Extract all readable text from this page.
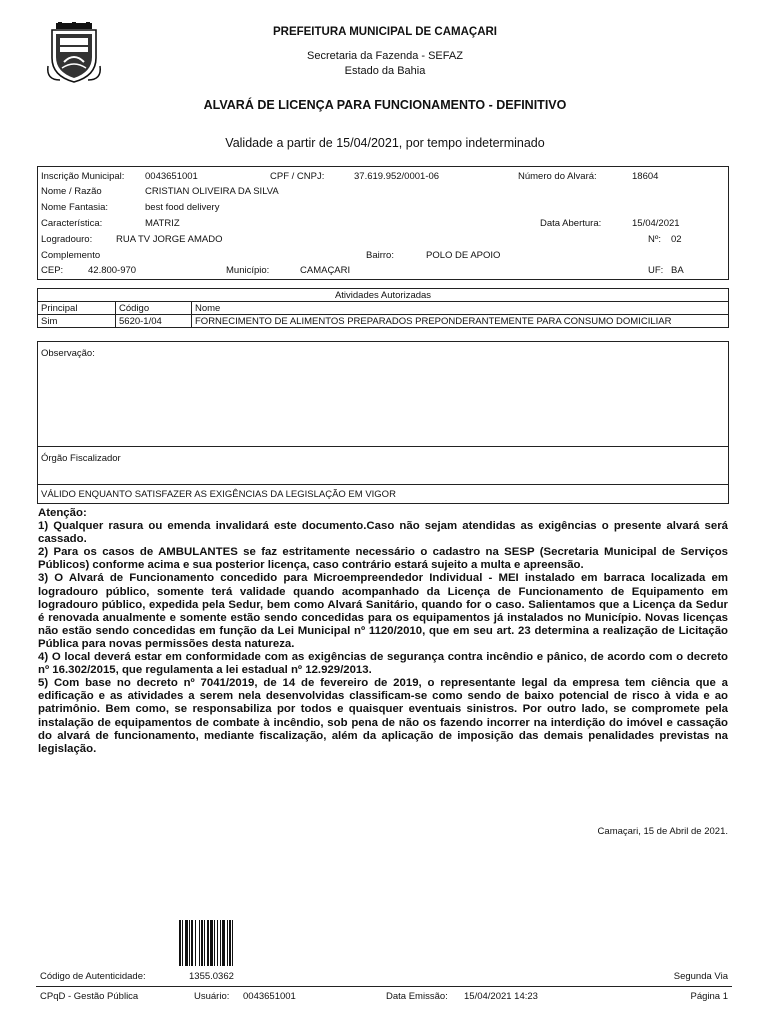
PREFEITURA MUNICIPAL DE CAMAÇARI
Secretaria da Fazenda - SEFAZ
Estado da Bahia
ALVARÁ DE LICENÇA PARA FUNCIONAMENTO - DEFINITIVO
Validade a partir de 15/04/2021, por tempo indeterminado
Inscrição Municipal: 0043651001	CPF / CNPJ:	37.619.952/0001-06	Número do Alvará:	18604
Nome / Razão	CRISTIAN OLIVEIRA DA SILVA
Nome Fantasia:	best food delivery
Característica:	MATRIZ	Data Abertura:	15/04/2021
Logradouro:	RUA TV JORGE AMADO	Nº: 02
Complemento	Bairro:	POLO DE APOIO
CEP:	42.800-970	Município:	CAMAÇARI	UF: BA
Atividades Autorizadas		
Principal	Código	Nome
Sim	5620-1/04	FORNECIMENTO DE ALIMENTOS PREPARADOS PREPONDERANTEMENTE PARA CONSUMO DOMICILIAR
Observação:
Órgão Fiscalizador
VÁLIDO ENQUANTO SATISFAZER AS EXIGÊNCIAS DA LEGISLAÇÃO EM VIGOR

Atenção:

1) Qualquer rasura ou emenda invalidará este documento.Caso não sejam atendidas as exigências o presente alvará será cassado.

2) Para os casos de AMBULANTES se faz estritamente necessário o cadastro na SESP (Secretaria Municipal de Serviços Públicos) conforme acima e sua posterior licença, caso contrário estará sujeito a multa e apreensão.

3) O Alvará de Funcionamento concedido para Microempreendedor Individual - MEI instalado em barraca localizada em logradouro público, somente terá validade quando acompanhado da Licença de Funcionamento de Equipamento em logradouro público, expedida pela Sedur, bem como Alvará Sanitário, quando for o caso. Salientamos que a Licença da Sedur é renovada anualmente e somente estão sendo concedidas para os equipamentos já instalados no Município. Novas licenças não estão sendo concedidas em função da Lei Municipal nº 1120/2010, que em seu art. 23 determina a realização de Licitação Pública para novas permissões desta natureza.

4) O local deverá estar em conformidade com as exigências de segurança contra incêndio e pânico, de acordo com o decreto nº 16.302/2015, que regulamenta a lei estadual nº 12.929/2013.

5) Com base no decreto nº 7041/2019, de 14 de fevereiro de 2019, o representante legal da empresa tem ciência que a edificação e as atividades a serem nela desenvolvidas classificam-se como sendo de baixo potencial de risco à vida e ao patrimônio. Bem como, se responsabiliza por todos e quaisquer eventuais sinistros. Por outro lado, se compromete pela instalação de equipamentos de combate à incêndio, sob pena de não os fazendo incorrer na interdição do imóvel e cassação do alvará de funcionamento, mediante fiscalização, além da aplicação de imposição das demais penalidades previstas na legislação.

Camaçari, 15 de Abril de 2021.
Código de Autenticidade:	1355.0362	Segunda Via
CPqD - Gestão Pública	Usuário: 0043651001	Data Emissão: 15/04/2021 14:23	Página 1
